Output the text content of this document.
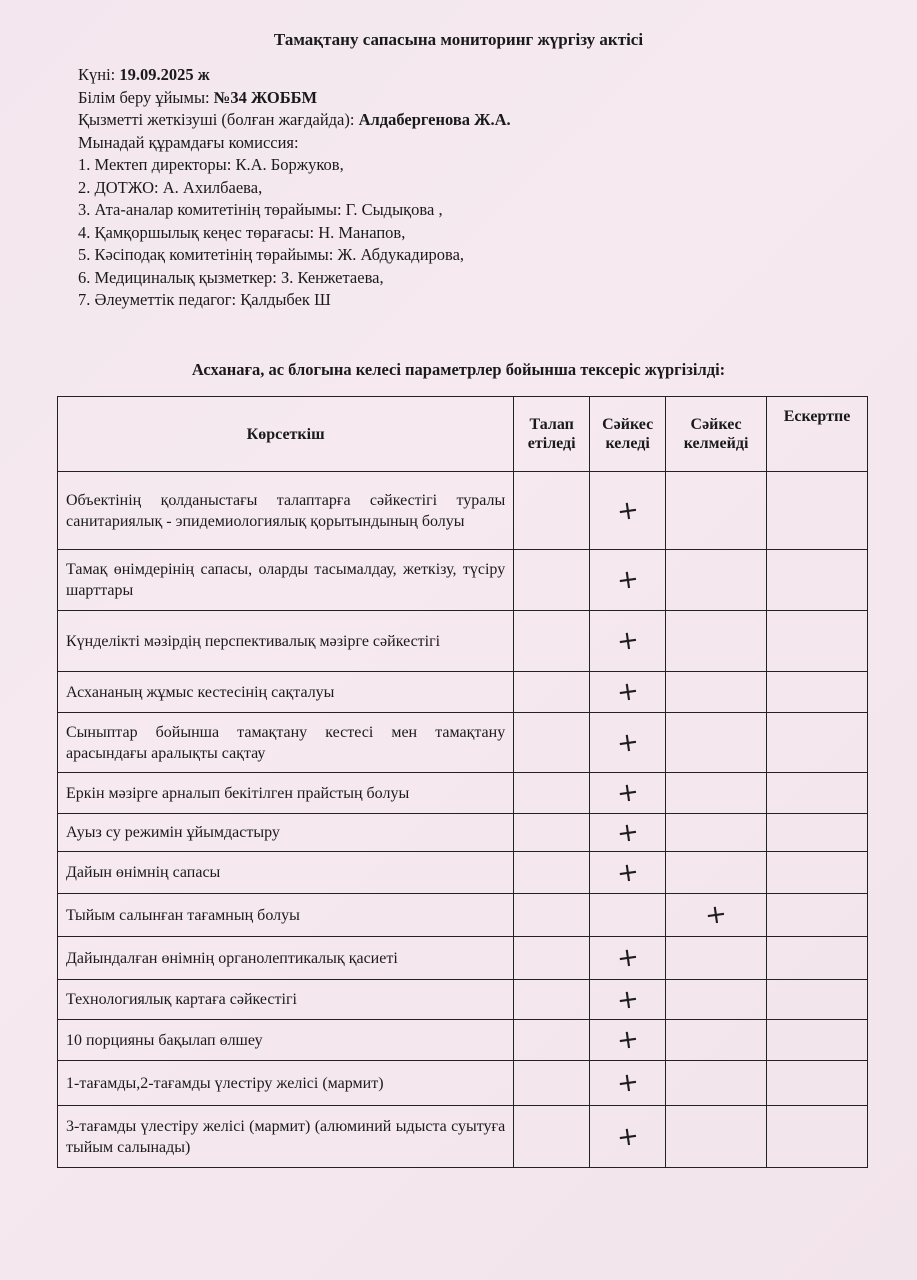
Тамақтану сапасына мониторинг жүргізу актісі
Күні: 19.09.2025 ж
Білім беру ұйымы: №34 ЖОББМ
Қызметті жеткізуші (болған жағдайда): Алдабергенова Ж.А.
Мынадай құрамдағы комиссия:
1. Мектеп директоры: К.А. Боржуков,
2. ДОТЖО: А. Ахилбаева,
3. Ата-аналар комитетінің төрайымы: Г. Сыдықова ,
4. Қамқоршылық кеңес төрағасы: Н. Манапов,
5. Кәсіподақ комитетінің төрайымы: Ж. Абдукадирова,
6. Медициналық қызметкер: З. Кенжетаева,
7. Әлеуметтік педагог: Қалдыбек Ш
Асханаға, ас блогына келесі параметрлер бойынша тексеріс жүргізілді:
Көрсеткіш	Талап етіледі	Сәйкес келеді	Сәйкес келмейді	Ескертпе
Объектінің қолданыстағы талаптарға сәйкестігі туралы санитариялық - эпидемиологиялық қорытындының болуы		+		
Тамақ өнімдерінің сапасы, оларды тасымалдау, жеткізу, түсіру шарттары		+		
Күнделікті мәзірдің перспективалық мәзірге сәйкестігі		+		
Асхананың жұмыс кестесінің сақталуы		+		
Сыныптар бойынша тамақтану кестесі мен тамақтану арасындағы аралықты сақтау		+		
Еркін мәзірге арналып бекітілген прайстың болуы		+		
Ауыз су режимін ұйымдастыру		+		
Дайын өнімнің сапасы		+		
Тыйым салынған тағамның болуы			+	
Дайындалған өнімнің органолептикалық қасиеті		+		
Технологиялық картаға сәйкестігі		+		
10 порцияны бақылап өлшеу		+		
1-тағамды,2-тағамды үлестіру желісі (мармит)		+		
3-тағамды үлестіру желісі (мармит) (алюминий ыдыста суытуға тыйым салынады)		+		
